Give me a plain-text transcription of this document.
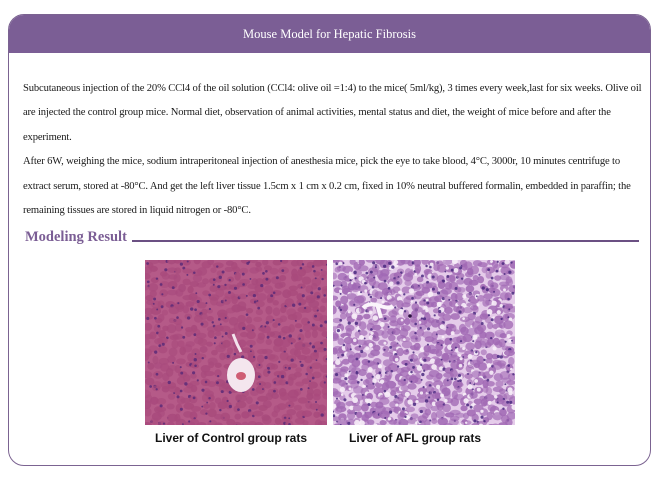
Mouse Model for Hepatic Fibrosis

Subcutaneous injection of the 20% CCl4 of the oil solution (CCl4: olive oil =1:4) to the mice( 5ml/kg), 3 times every week,last for six weeks. Olive oil are injected the control group mice. Normal diet, observation of animal activities, mental status and diet, the weight of mice before and after the experiment.

After 6W, weighing the mice, sodium intraperitoneal injection of anesthesia mice, pick the eye to take blood, 4°C, 3000r, 10 minutes centrifuge to extract serum, stored at -80°C. And get the left liver tissue 1.5cm x 1 cm x 0.2 cm, fixed in 10% neutral buffered formalin, embedded in paraffin; the remaining tissues are stored in liquid nitrogen or -80°C.

Modeling Result
Liver of Control group rats	Liver of AFL group rats
